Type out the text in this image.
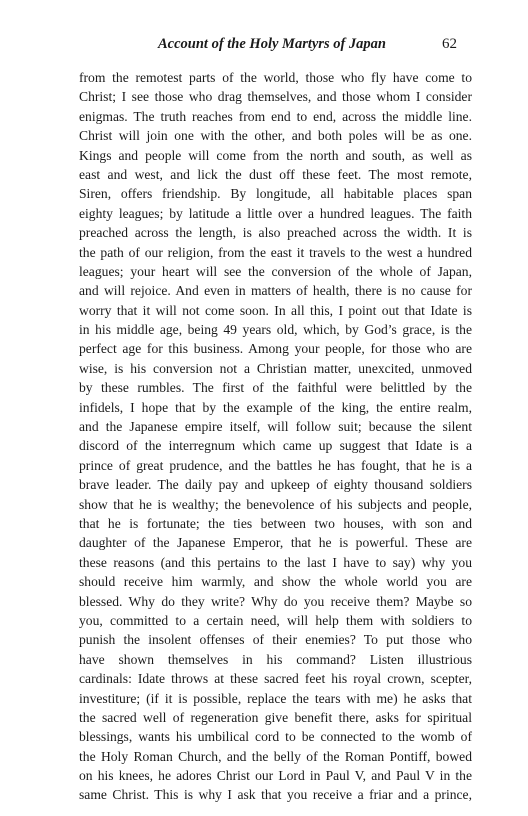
Account of the Holy Martyrs of Japan	62
from the remotest parts of the world, those who fly have come to
Christ; I see those who drag themselves, and those whom I consider
enigmas. The truth reaches from end to end, across the middle line.
Christ will join one with the other, and both poles will be as one.
Kings and people will come from the north and south, as well as
east and west, and lick the dust off these feet. The most remote,
Siren, offers friendship. By longitude, all habitable places span
eighty leagues; by latitude a little over a hundred leagues. The faith
preached across the length, is also preached across the width. It is
the path of our religion, from the east it travels to the west a hundred
leagues; your heart will see the conversion of the whole of Japan,
and will rejoice. And even in matters of health, there is no cause for
worry that it will not come soon. In all this, I point out that Idate is
in his middle age, being 49 years old, which, by God’s grace, is the
perfect age for this business. Among your people, for those who are
wise, is his conversion not a Christian matter, unexcited, unmoved
by these rumbles. The first of the faithful were belittled by the
infidels, I hope that by the example of the king, the entire realm,
and the Japanese empire itself, will follow suit; because the silent
discord of the interregnum which came up suggest that Idate is a
prince of great prudence, and the battles he has fought, that he is a
brave leader. The daily pay and upkeep of eighty thousand soldiers
show that he is wealthy; the benevolence of his subjects and people,
that he is fortunate; the ties between two houses, with son and
daughter of the Japanese Emperor, that he is powerful. These are
these reasons (and this pertains to the last I have to say) why you
should receive him warmly, and show the whole world you are
blessed. Why do they write? Why do you receive them? Maybe so
you, committed to a certain need, will help them with soldiers to
punish the insolent offenses of their enemies? To put those who
have shown themselves in his command? Listen illustrious
cardinals: Idate throws at these sacred feet his royal crown, scepter,
investiture; (if it is possible, replace the tears with me) he asks that
the sacred well of regeneration give benefit there, asks for spiritual
blessings, wants his umbilical cord to be connected to the womb of
the Holy Roman Church, and the belly of the Roman Pontiff, bowed
on his knees, he adores Christ our Lord in Paul V, and Paul V in the
same Christ. This is why I ask that you receive a friar and a prince,
